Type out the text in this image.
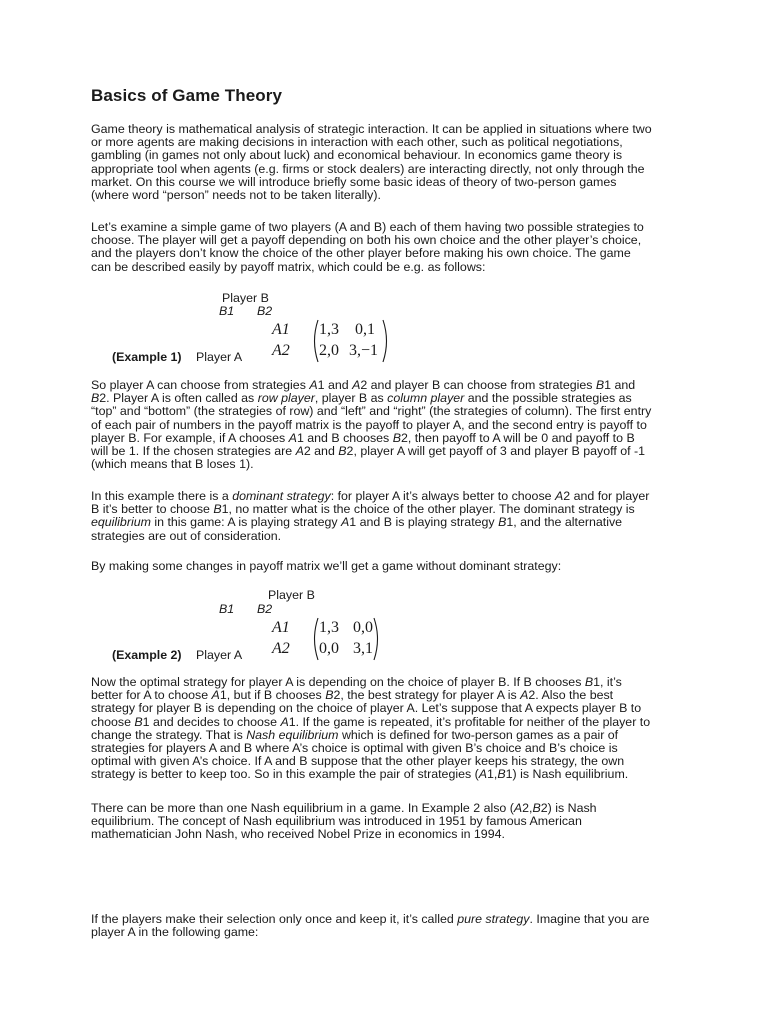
Basics of Game Theory
Game theory is mathematical analysis of strategic interaction. It can be applied in situations where two
or more agents are making decisions in interaction with each other, such as political negotiations,
gambling (in games not only about luck) and economical behaviour. In economics game theory is
appropriate tool when agents (e.g. firms or stock dealers) are interacting directly, not only through the
market. On this course we will introduce briefly some basic ideas of theory of two-person games
(where word “person” needs not to be taken literally).
Let’s examine a simple game of two players (A and B) each of them having two possible strategies to
choose. The player will get a payoff depending on both his own choice and the other player’s choice,
and the players don’t know the choice of the other player before making his own choice. The game
can be described easily by payoff matrix, which could be e.g. as follows:
Player B
B1 B2
A1
A2
1,3 0,1
2,0 3,−1
(Example 1) Player A
So player A can choose from strategies A1 and A2 and player B can choose from strategies B1 and
B2. Player A is often called as row player, player B as column player and the possible strategies as
“top” and “bottom” (the strategies of row) and “left” and “right” (the strategies of column). The first entry
of each pair of numbers in the payoff matrix is the payoff to player A, and the second entry is payoff to
player B. For example, if A chooses A1 and B chooses B2, then payoff to A will be 0 and payoff to B
will be 1. If the chosen strategies are A2 and B2, player A will get payoff of 3 and player B payoff of -1
(which means that B loses 1).
In this example there is a dominant strategy: for player A it’s always better to choose A2 and for player
B it’s better to choose B1, no matter what is the choice of the other player. The dominant strategy is
equilibrium in this game: A is playing strategy A1 and B is playing strategy B1, and the alternative
strategies are out of consideration.
By making some changes in payoff matrix we’ll get a game without dominant strategy:
Player B
B1 B2
A1
A2
1,3 0,0
0,0 3,1
(Example 2) Player A
Now the optimal strategy for player A is depending on the choice of player B. If B chooses B1, it’s
better for A to choose A1, but if B chooses B2, the best strategy for player A is A2. Also the best
strategy for player B is depending on the choice of player A. Let’s suppose that A expects player B to
choose B1 and decides to choose A1. If the game is repeated, it’s profitable for neither of the player to
change the strategy. That is Nash equilibrium which is defined for two-person games as a pair of
strategies for players A and B where A’s choice is optimal with given B’s choice and B’s choice is
optimal with given A’s choice. If A and B suppose that the other player keeps his strategy, the own
strategy is better to keep too. So in this example the pair of strategies (A1,B1) is Nash equilibrium.
There can be more than one Nash equilibrium in a game. In Example 2 also (A2,B2) is Nash
equilibrium. The concept of Nash equilibrium was introduced in 1951 by famous American
mathematician John Nash, who received Nobel Prize in economics in 1994.
If the players make their selection only once and keep it, it’s called pure strategy. Imagine that you are
player A in the following game:
